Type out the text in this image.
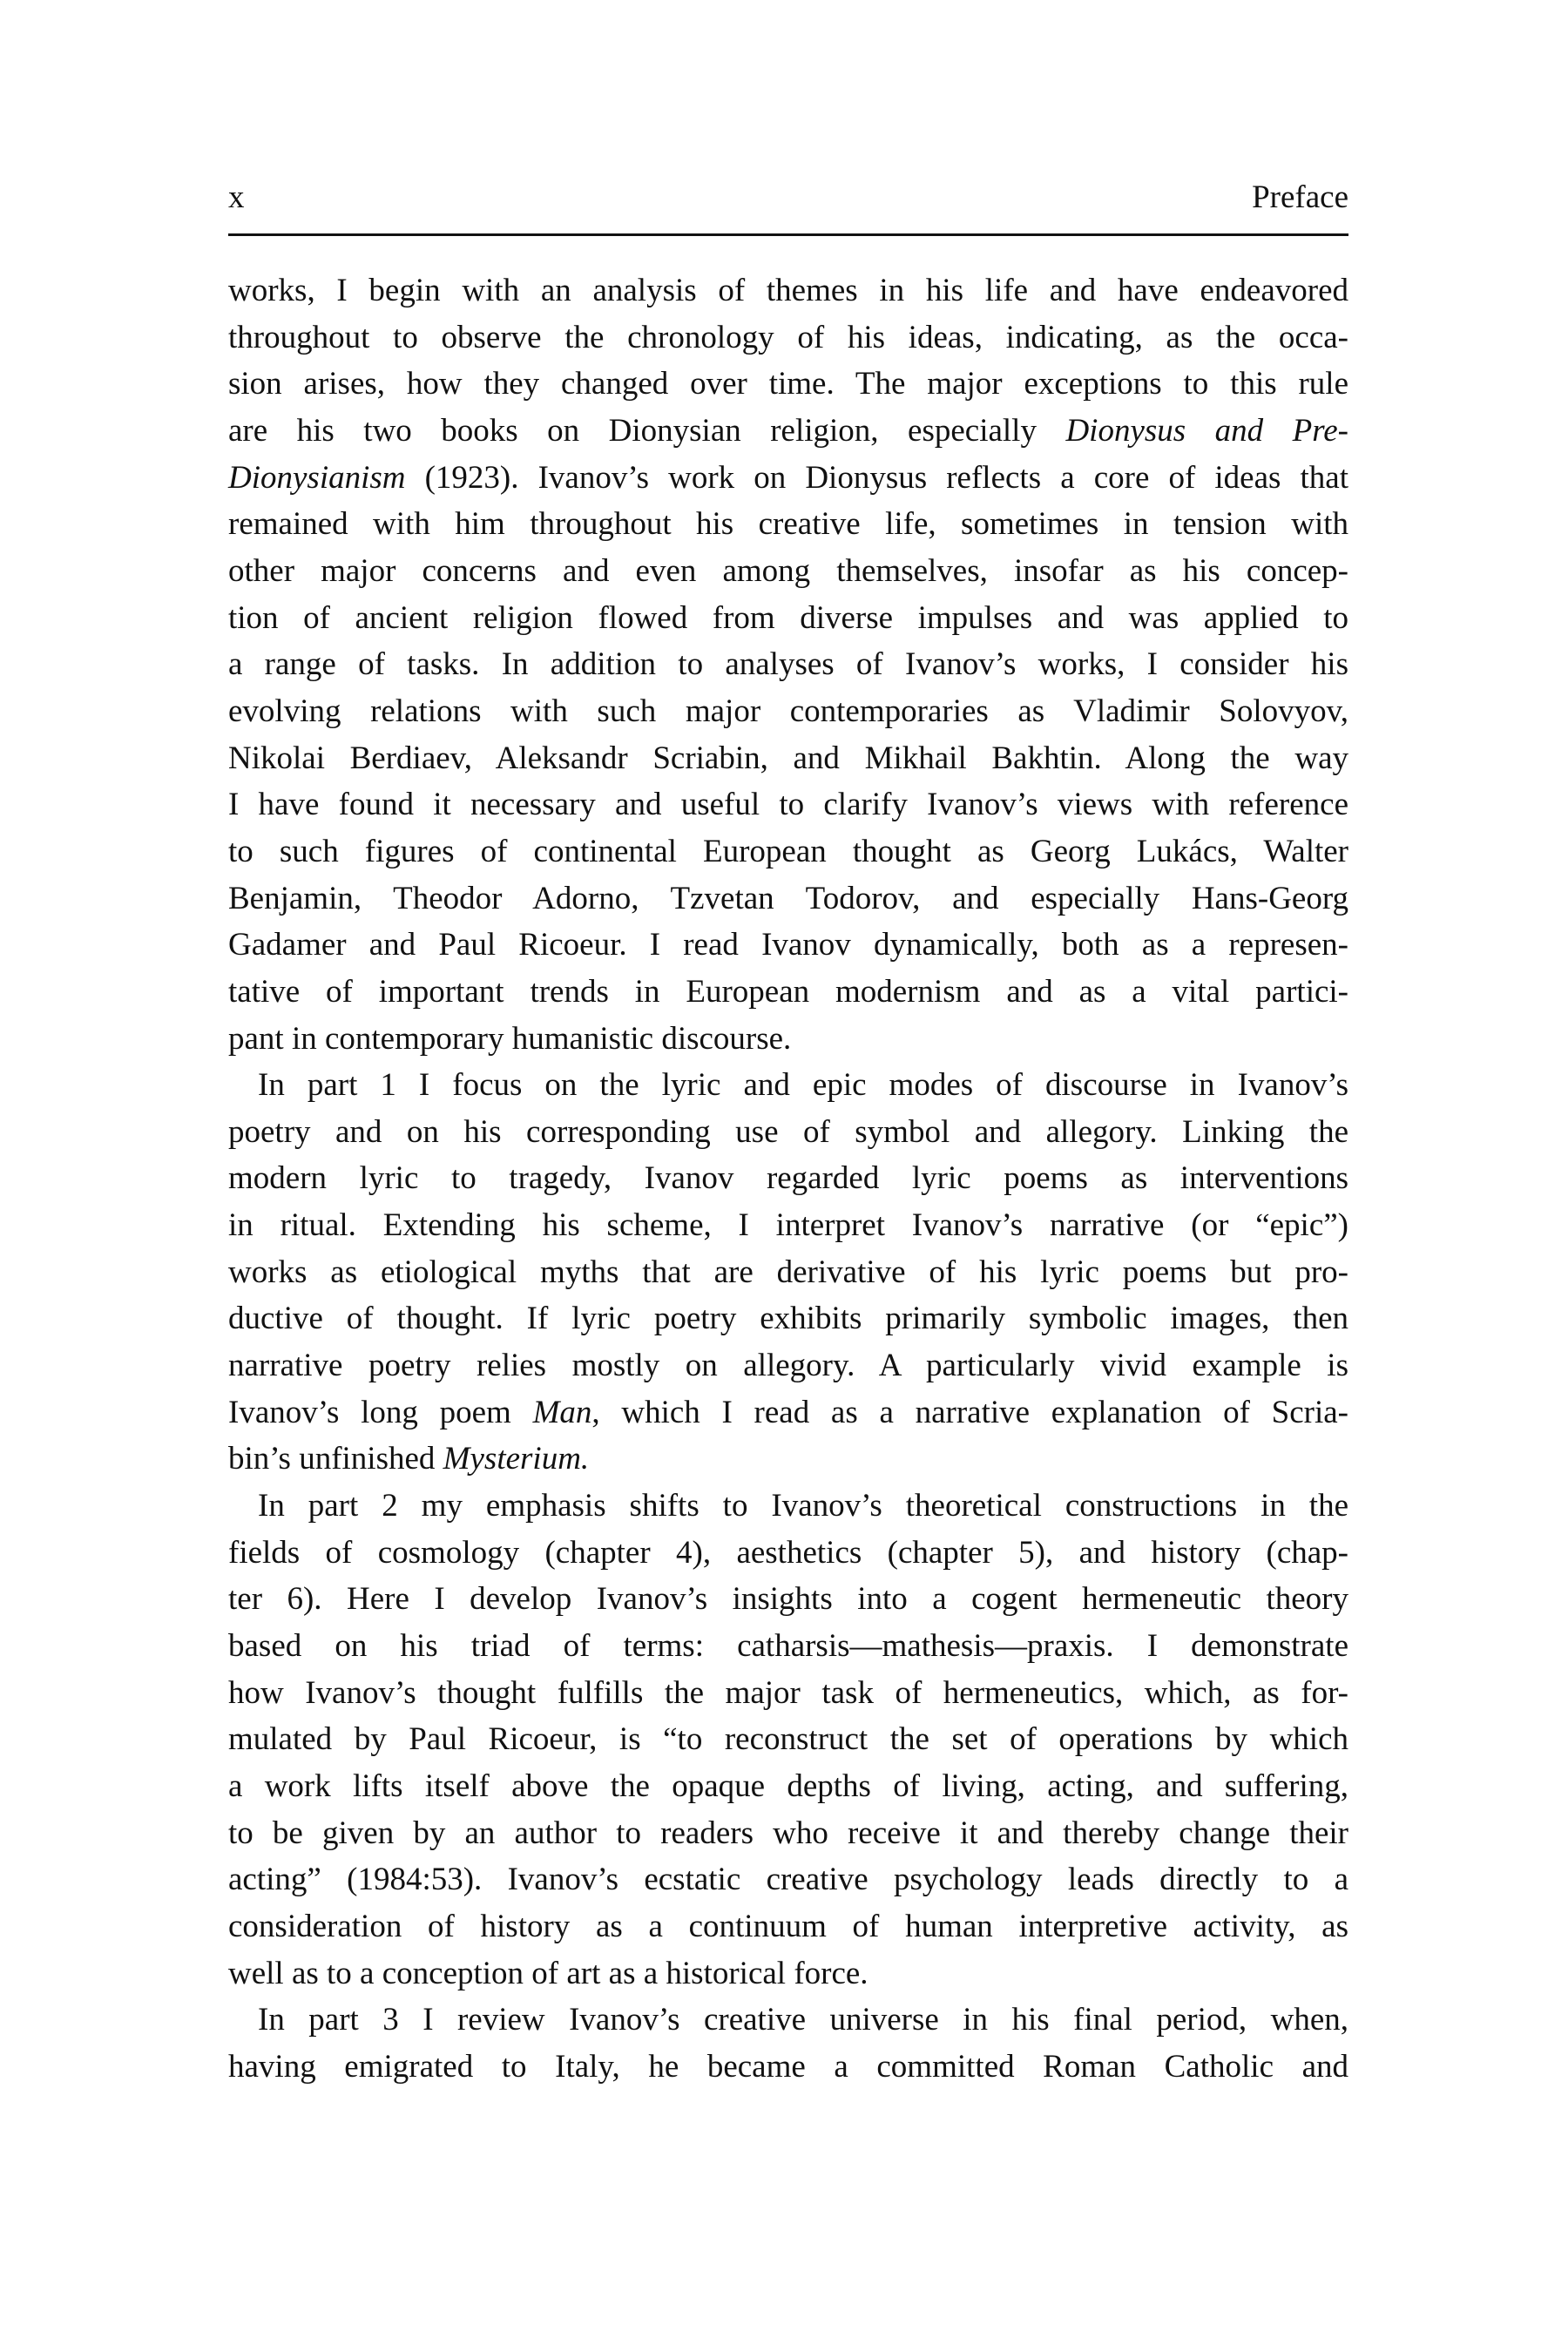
x	Preface
works, I begin with an analysis of themes in his life and have endeavored
throughout to observe the chronology of his ideas, indicating, as the occa-
sion arises, how they changed over time. The major exceptions to this rule
are his two books on Dionysian religion, especially Dionysus and Pre-
Dionysianism (1923). Ivanov’s work on Dionysus reflects a core of ideas that
remained with him throughout his creative life, sometimes in tension with
other major concerns and even among themselves, insofar as his concep-
tion of ancient religion flowed from diverse impulses and was applied to
a range of tasks. In addition to analyses of Ivanov’s works, I consider his
evolving relations with such major contemporaries as Vladimir Solovyov,
Nikolai Berdiaev, Aleksandr Scriabin, and Mikhail Bakhtin. Along the way
I have found it necessary and useful to clarify Ivanov’s views with reference
to such figures of continental European thought as Georg Lukács, Walter
Benjamin, Theodor Adorno, Tzvetan Todorov, and especially Hans-Georg
Gadamer and Paul Ricoeur. I read Ivanov dynamically, both as a represen-
tative of important trends in European modernism and as a vital partici-
pant in contemporary humanistic discourse.
In part 1 I focus on the lyric and epic modes of discourse in Ivanov’s
poetry and on his corresponding use of symbol and allegory. Linking the
modern lyric to tragedy, Ivanov regarded lyric poems as interventions
in ritual. Extending his scheme, I interpret Ivanov’s narrative (or “epic”)
works as etiological myths that are derivative of his lyric poems but pro-
ductive of thought. If lyric poetry exhibits primarily symbolic images, then
narrative poetry relies mostly on allegory. A particularly vivid example is
Ivanov’s long poem Man, which I read as a narrative explanation of Scria-
bin’s unfinished Mysterium.
In part 2 my emphasis shifts to Ivanov’s theoretical constructions in the
fields of cosmology (chapter 4), aesthetics (chapter 5), and history (chap-
ter 6). Here I develop Ivanov’s insights into a cogent hermeneutic theory
based on his triad of terms: catharsis—mathesis—praxis. I demonstrate
how Ivanov’s thought fulfills the major task of hermeneutics, which, as for-
mulated by Paul Ricoeur, is “to reconstruct the set of operations by which
a work lifts itself above the opaque depths of living, acting, and suffering,
to be given by an author to readers who receive it and thereby change their
acting” (1984:53). Ivanov’s ecstatic creative psychology leads directly to a
consideration of history as a continuum of human interpretive activity, as
well as to a conception of art as a historical force.
In part 3 I review Ivanov’s creative universe in his final period, when,
having emigrated to Italy, he became a committed Roman Catholic and
